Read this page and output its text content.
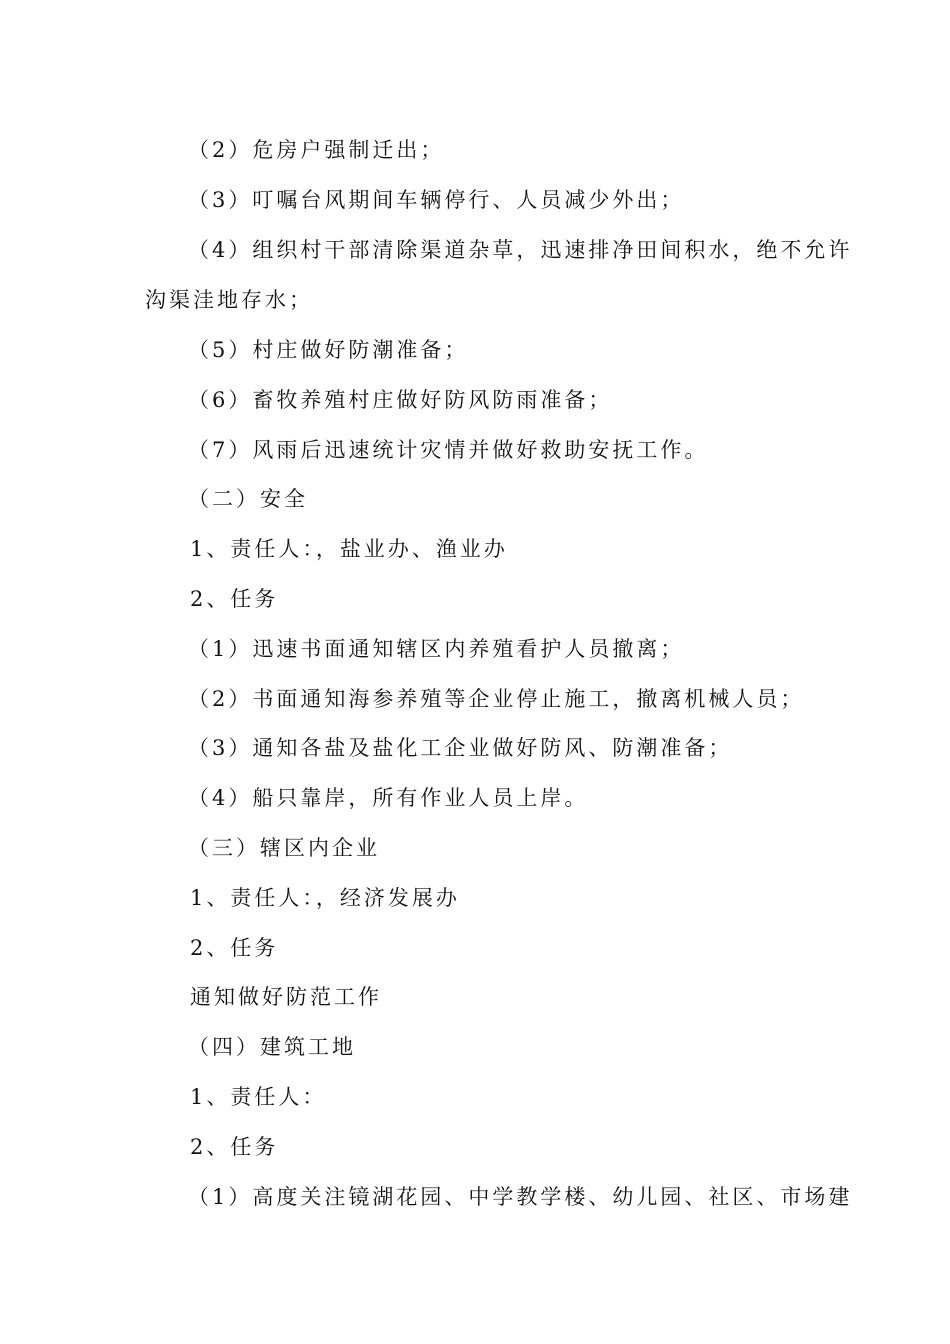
（2）危房户强制迁出；
（3）叮嘱台风期间车辆停行、人员减少外出；
（4）组织村干部清除渠道杂草，迅速排净田间积水，绝不允许
沟渠洼地存水；
（5）村庄做好防潮准备；
（6）畜牧养殖村庄做好防风防雨准备；
（7）风雨后迅速统计灾情并做好救助安抚工作。
（二）安全
1、责任人：，盐业办、渔业办
2、任务
（1）迅速书面通知辖区内养殖看护人员撤离；
（2）书面通知海参养殖等企业停止施工，撤离机械人员；
（3）通知各盐及盐化工企业做好防风、防潮准备；
（4）船只靠岸，所有作业人员上岸。
（三）辖区内企业
1、责任人：，经济发展办
2、任务
通知做好防范工作
（四）建筑工地
1、责任人：
2、任务
（1）高度关注镜湖花园、中学教学楼、幼儿园、社区、市场建
